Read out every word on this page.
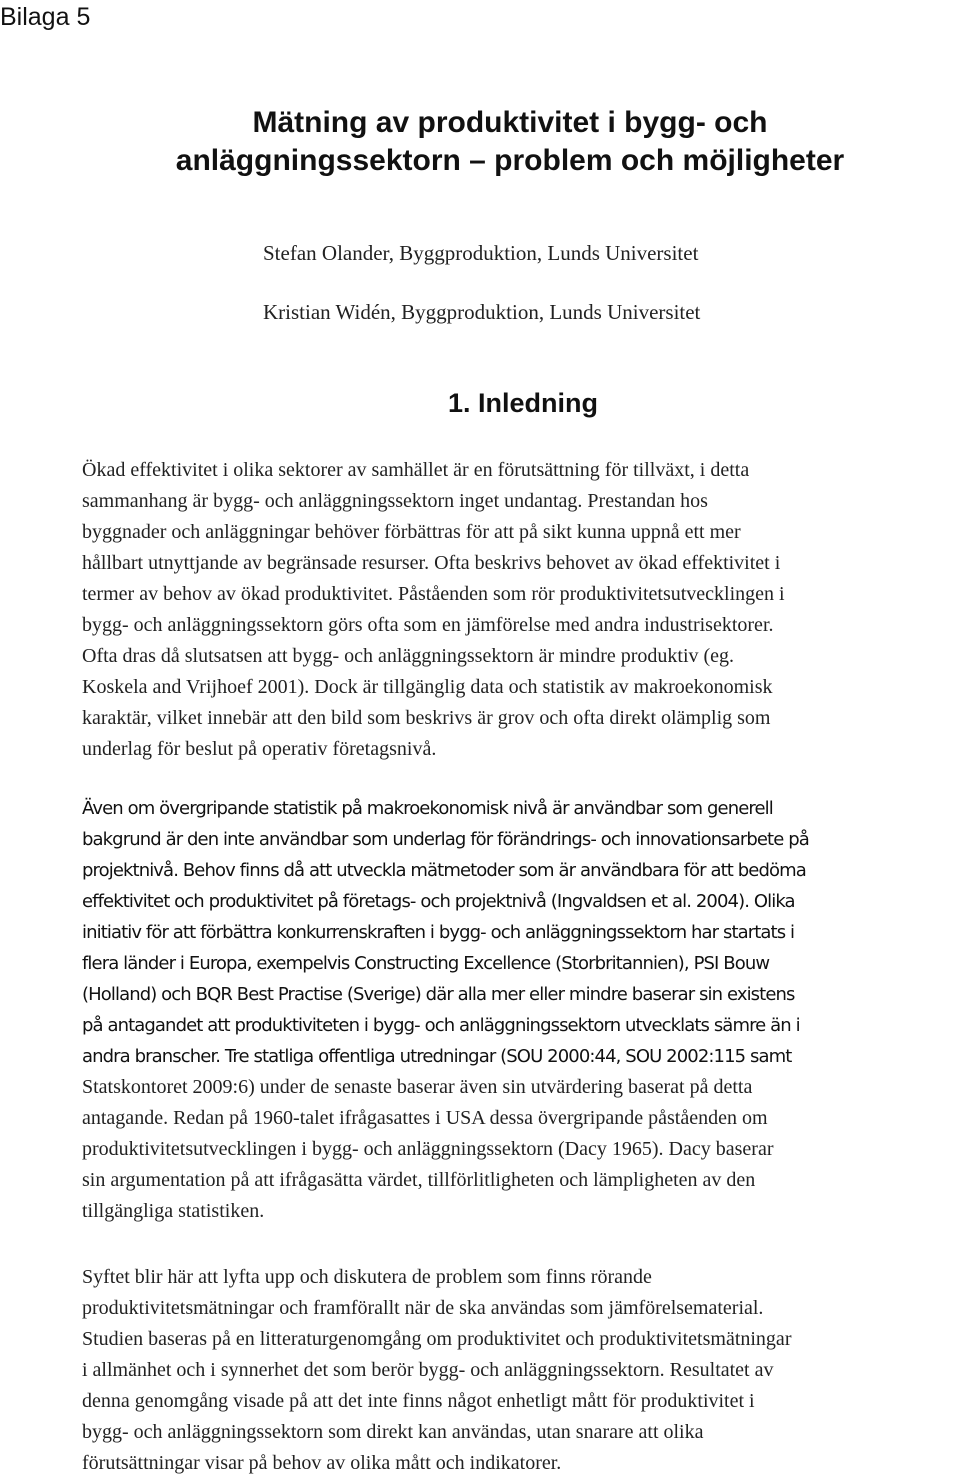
Bilaga 5
Mätning av produktivitet i bygg- och
anläggningssektorn – problem och möjligheter
Stefan Olander, Byggproduktion, Lunds Universitet
Kristian Widén, Byggproduktion, Lunds Universitet
1. Inledning
Ökad effektivitet i olika sektorer av samhället är en förutsättning för tillväxt, i detta
sammanhang är bygg- och anläggningssektorn inget undantag. Prestandan hos
byggnader och anläggningar behöver förbättras för att på sikt kunna uppnå ett mer
hållbart utnyttjande av begränsade resurser. Ofta beskrivs behovet av ökad effektivitet i
termer av behov av ökad produktivitet. Påståenden som rör produktivitetsutvecklingen i
bygg- och anläggningssektorn görs ofta som en jämförelse med andra industrisektorer.
Ofta dras då slutsatsen att bygg- och anläggningssektorn är mindre produktiv (eg.
Koskela and Vrijhoef 2001). Dock är tillgänglig data och statistik av makroekonomisk
karaktär, vilket innebär att den bild som beskrivs är grov och ofta direkt olämplig som
underlag för beslut på operativ företagsnivå.
Även om övergripande statistik på makroekonomisk nivå är användbar som generell
bakgrund är den inte användbar som underlag för förändrings- och innovationsarbete på
projektnivå. Behov finns då att utveckla mätmetoder som är användbara för att bedöma
effektivitet och produktivitet på företags- och projektnivå (Ingvaldsen et al. 2004). Olika
initiativ för att förbättra konkurrenskraften i bygg- och anläggningssektorn har startats i
flera länder i Europa, exempelvis Constructing Excellence (Storbritannien), PSI Bouw
(Holland) och BQR Best Practise (Sverige) där alla mer eller mindre baserar sin existens
på antagandet att produktiviteten i bygg- och anläggningssektorn utvecklats sämre än i
andra branscher. Tre statliga offentliga utredningar (SOU 2000:44, SOU 2002:115 samt
Statskontoret 2009:6) under de senaste baserar även sin utvärdering baserat på detta
antagande. Redan på 1960-talet ifrågasattes i USA dessa övergripande påståenden om
produktivitetsutvecklingen i bygg- och anläggningssektorn (Dacy 1965). Dacy baserar
sin argumentation på att ifrågasätta värdet, tillförlitligheten och lämpligheten av den
tillgängliga statistiken.
Syftet blir här att lyfta upp och diskutera de problem som finns rörande
produktivitetsmätningar och framförallt när de ska användas som jämförelsematerial.
Studien baseras på en litteraturgenomgång om produktivitet och produktivitetsmätningar
i allmänhet och i synnerhet det som berör bygg- och anläggningssektorn. Resultatet av
denna genomgång visade på att det inte finns något enhetligt mått för produktivitet i
bygg- och anläggningssektorn som direkt kan användas, utan snarare att olika
förutsättningar visar på behov av olika mått och indikatorer.
